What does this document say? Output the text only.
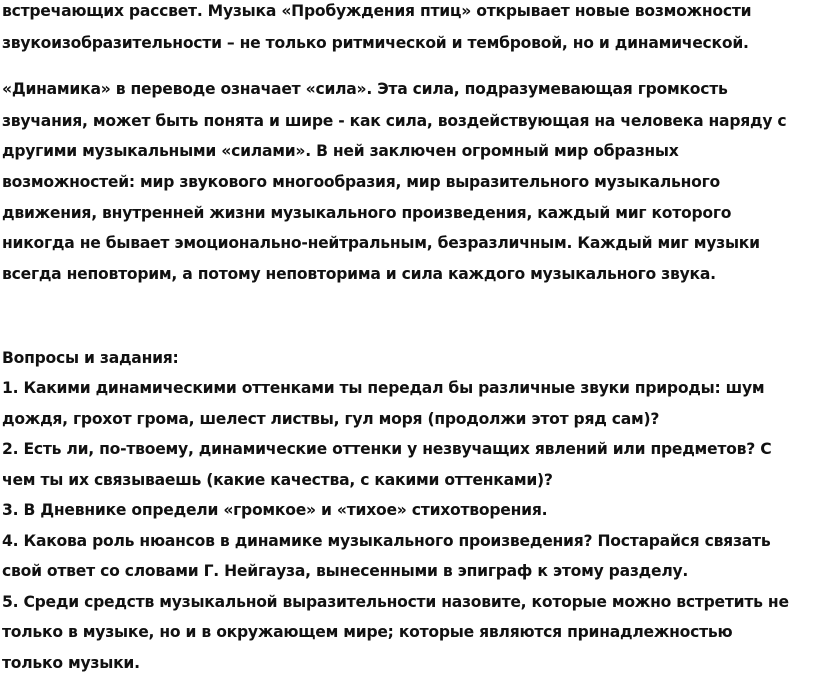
встречающих рассвет. Музыка «Пробуждения птиц» открывает новые возможности
звукоизобразительности – не только ритмической и тембровой, но и динамической.
«Динамика» в переводе означает «сила». Эта сила, подразумевающая громкость
звучания, может быть понята и шире - как сила, воздействующая на человека наряду с
другими музыкальными «силами». В ней заключен огромный мир образных
возможностей: мир звукового многообразия, мир выразительного музыкального
движения, внутренней жизни музыкального произведения, каждый миг которого
никогда не бывает эмоционально-нейтральным, безразличным. Каждый миг музыки
всегда неповторим, а потому неповторима и сила каждого музыкального звука.
Вопросы и задания:
1. Какими динамическими оттенками ты передал бы различные звуки природы: шум
дождя, грохот грома, шелест листвы, гул моря (продолжи этот ряд сам)?
2. Есть ли, по-твоему, динамические оттенки у незвучащих явлений или предметов? С
чем ты их связываешь (какие качества, с какими оттенками)?
3. В Дневнике определи «громкое» и «тихое» стихотворения.
4. Какова роль нюансов в динамике музыкального произведения? Постарайся связать
свой ответ со словами Г. Нейгауза, вынесенными в эпиграф к этому разделу.
5. Среди средств музыкальной выразительности назовите, которые можно встретить не
только в музыке, но и в окружающем мире; которые являются принадлежностью
только музыки.
